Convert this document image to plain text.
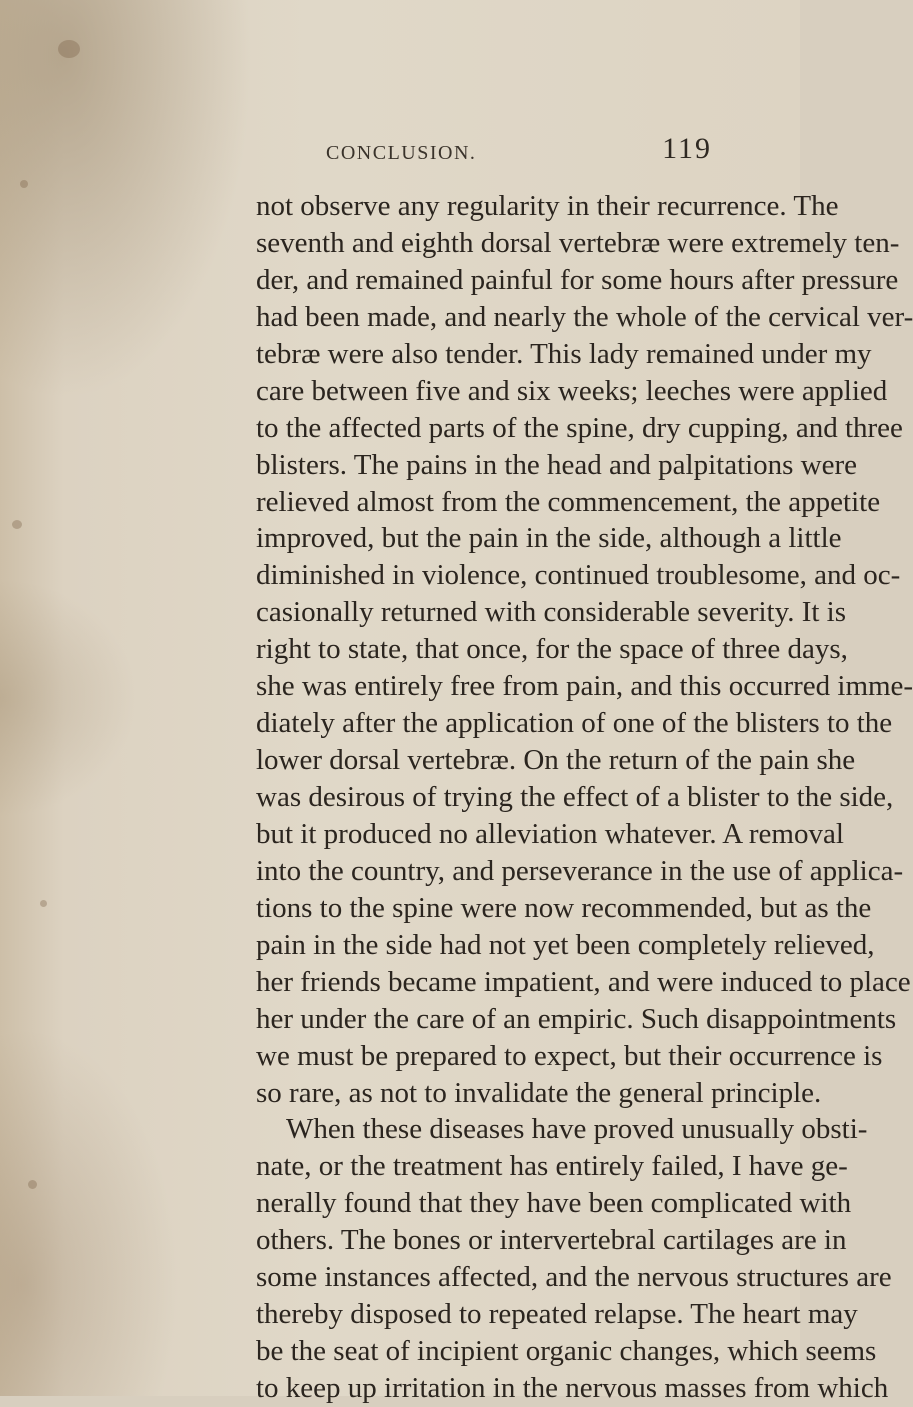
CONCLUSION.	119
not observe any regularity in their recurrence. The
seventh and eighth dorsal vertebræ were extremely ten-
der, and remained painful for some hours after pressure
had been made, and nearly the whole of the cervical ver-
tebræ were also tender. This lady remained under my
care between five and six weeks; leeches were applied
to the affected parts of the spine, dry cupping, and three
blisters. The pains in the head and palpitations were
relieved almost from the commencement, the appetite
improved, but the pain in the side, although a little
diminished in violence, continued troublesome, and oc-
casionally returned with considerable severity. It is
right to state, that once, for the space of three days,
she was entirely free from pain, and this occurred imme-
diately after the application of one of the blisters to the
lower dorsal vertebræ. On the return of the pain she
was desirous of trying the effect of a blister to the side,
but it produced no alleviation whatever. A removal
into the country, and perseverance in the use of applica-
tions to the spine were now recommended, but as the
pain in the side had not yet been completely relieved,
her friends became impatient, and were induced to place
her under the care of an empiric. Such disappointments
we must be prepared to expect, but their occurrence is
so rare, as not to invalidate the general principle.
When these diseases have proved unusually obsti-
nate, or the treatment has entirely failed, I have ge-
nerally found that they have been complicated with
others. The bones or intervertebral cartilages are in
some instances affected, and the nervous structures are
thereby disposed to repeated relapse. The heart may
be the seat of incipient organic changes, which seems
to keep up irritation in the nervous masses from which
